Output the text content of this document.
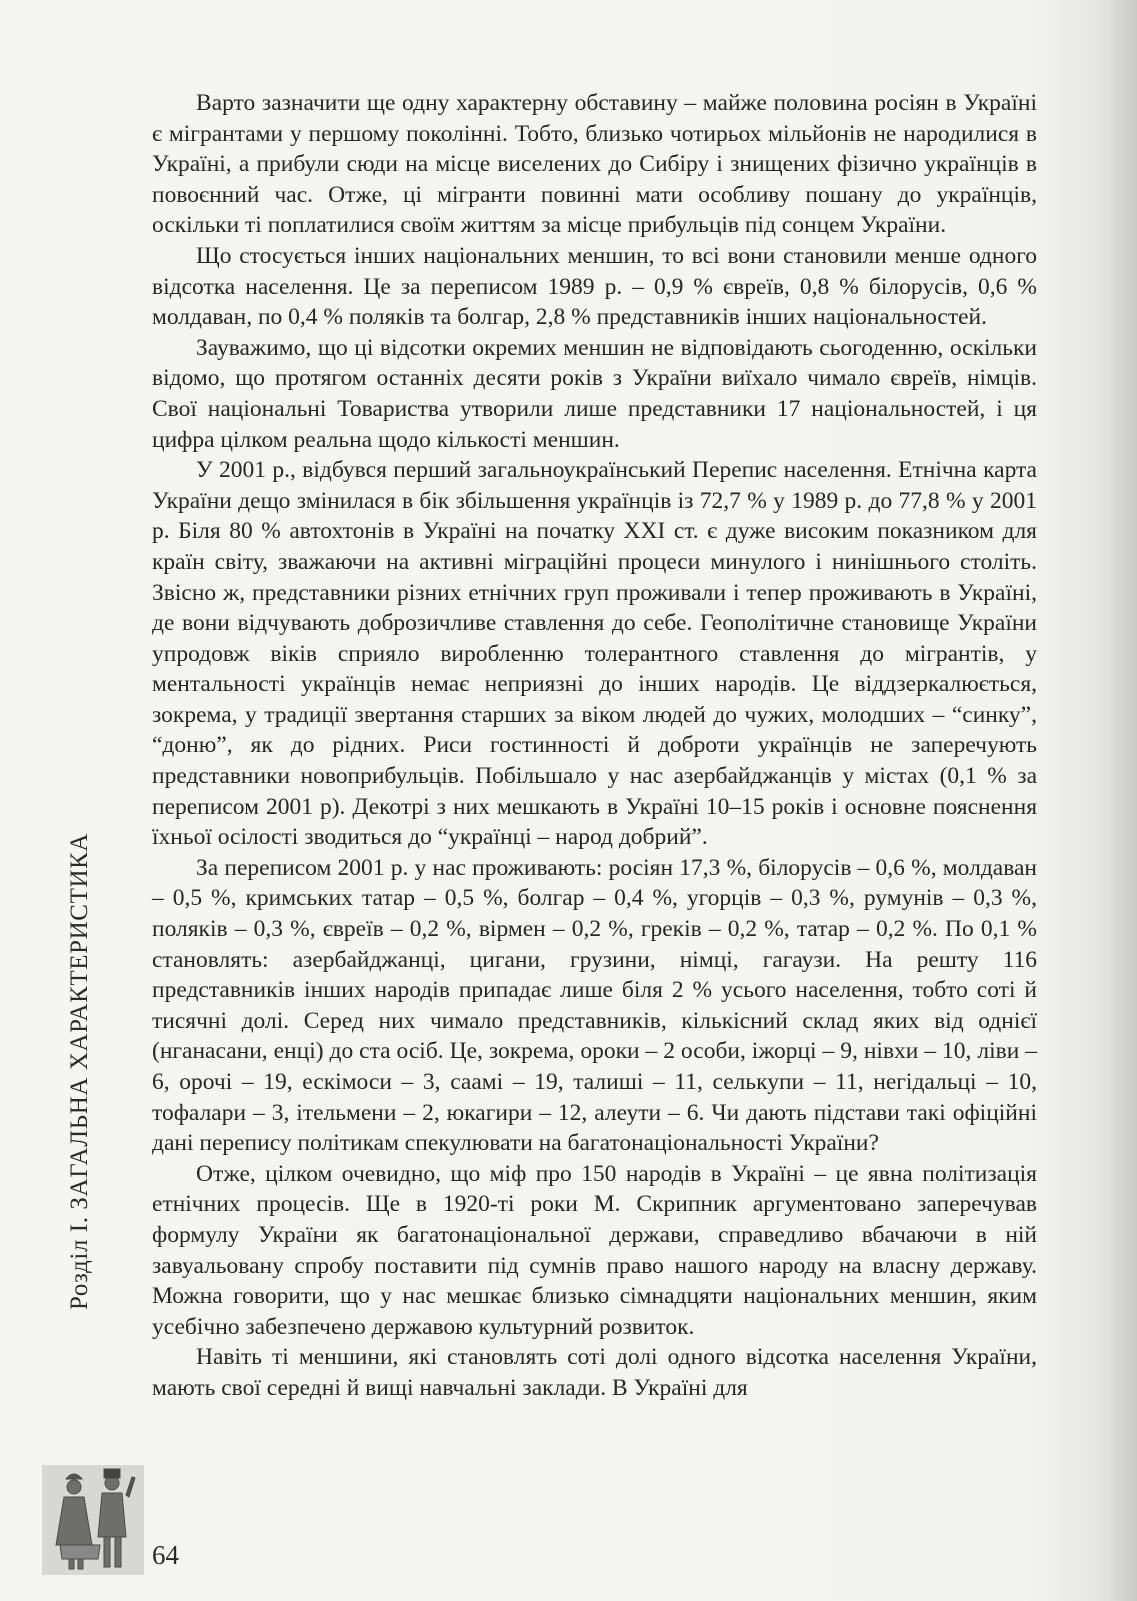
Варто зазначити ще одну характерну обставину – майже половина росіян в Україні є мігрантами у першому поколінні. Тобто, близько чотирьох мільйонів не народилися в Україні, а прибули сюди на місце виселених до Сибіру і знищених фізично українців в повоєнний час. Отже, ці мігранти повинні мати особливу пошану до українців, оскільки ті поплатилися своїм життям за місце прибульців під сонцем України.

Що стосується інших національних меншин, то всі вони становили менше одного відсотка населення. Це за переписом 1989 р. – 0,9 % євреїв, 0,8 % білорусів, 0,6 % молдаван, по 0,4 % поляків та болгар, 2,8 % представників інших національностей.

Зауважимо, що ці відсотки окремих меншин не відповідають сьогоденню, оскільки відомо, що протягом останніх десяти років з України виїхало чимало євреїв, німців. Свої національні Товариства утворили лише представники 17 національностей, і ця цифра цілком реальна щодо кількості меншин.

У 2001 р., відбувся перший загальноукраїнський Перепис населення. Етнічна карта України дещо змінилася в бік збільшення українців із 72,7 % у 1989 р. до 77,8 % у 2001 р. Біля 80 % автохтонів в Україні на початку XXI ст. є дуже високим показником для країн світу, зважаючи на активні міграційні процеси минулого і нинішнього століть. Звісно ж, представники різних етнічних груп проживали і тепер проживають в Україні, де вони відчувають доброзичливе ставлення до себе. Геополітичне становище України упродовж віків сприяло виробленню толерантного ставлення до мігрантів, у ментальності українців немає неприязні до інших народів. Це віддзеркалюється, зокрема, у традиції звертання старших за віком людей до чужих, молодших – “синку”, “доню”, як до рідних. Риси гостинності й доброти українців не заперечують представники новоприбульців. Побільшало у нас азербайджанців у містах (0,1 % за переписом 2001 р). Декотрі з них мешкають в Україні 10–15 років і основне пояснення їхньої осілості зводиться до “українці – народ добрий”.

За переписом 2001 р. у нас проживають: росіян 17,3 %, білорусів – 0,6 %, молдаван – 0,5 %, кримських татар – 0,5 %, болгар – 0,4 %, угорців – 0,3 %, румунів – 0,3 %, поляків – 0,3 %, євреїв – 0,2 %, вірмен – 0,2 %, греків – 0,2 %, татар – 0,2 %. По 0,1 % становлять: азербайджанці, цигани, грузини, німці, гагаузи. На решту 116 представників інших народів припадає лише біля 2 % усього населення, тобто соті й тисячні долі. Серед них чимало представників, кількісний склад яких від однієї (нганасани, енці) до ста осіб. Це, зокрема, ороки – 2 особи, іжорці – 9, нівхи – 10, ліви – 6, орочі – 19, ескімоси – 3, саамі – 19, талиші – 11, селькупи – 11, негідальці – 10, тофалари – 3, ітельмени – 2, юкагири – 12, алеути – 6. Чи дають підстави такі офіційні дані перепису політикам спекулювати на багатонаціональності України?

Отже, цілком очевидно, що міф про 150 народів в Україні – це явна політизація етнічних процесів. Ще в 1920-ті роки М. Скрипник аргументовано заперечував формулу України як багатонаціональної держави, справедливо вбачаючи в ній завуальовану спробу поставити під сумнів право нашого народу на власну державу. Можна говорити, що у нас мешкає близько сімнадцяти національних меншин, яким усебічно забезпечено державою культурний розвиток.

Навіть ті меншини, які становлять соті долі одного відсотка населення України, мають свої середні й вищі навчальні заклади. В Україні для

Розділ І. ЗАГАЛЬНА ХАРАКТЕРИСТИКА
64
